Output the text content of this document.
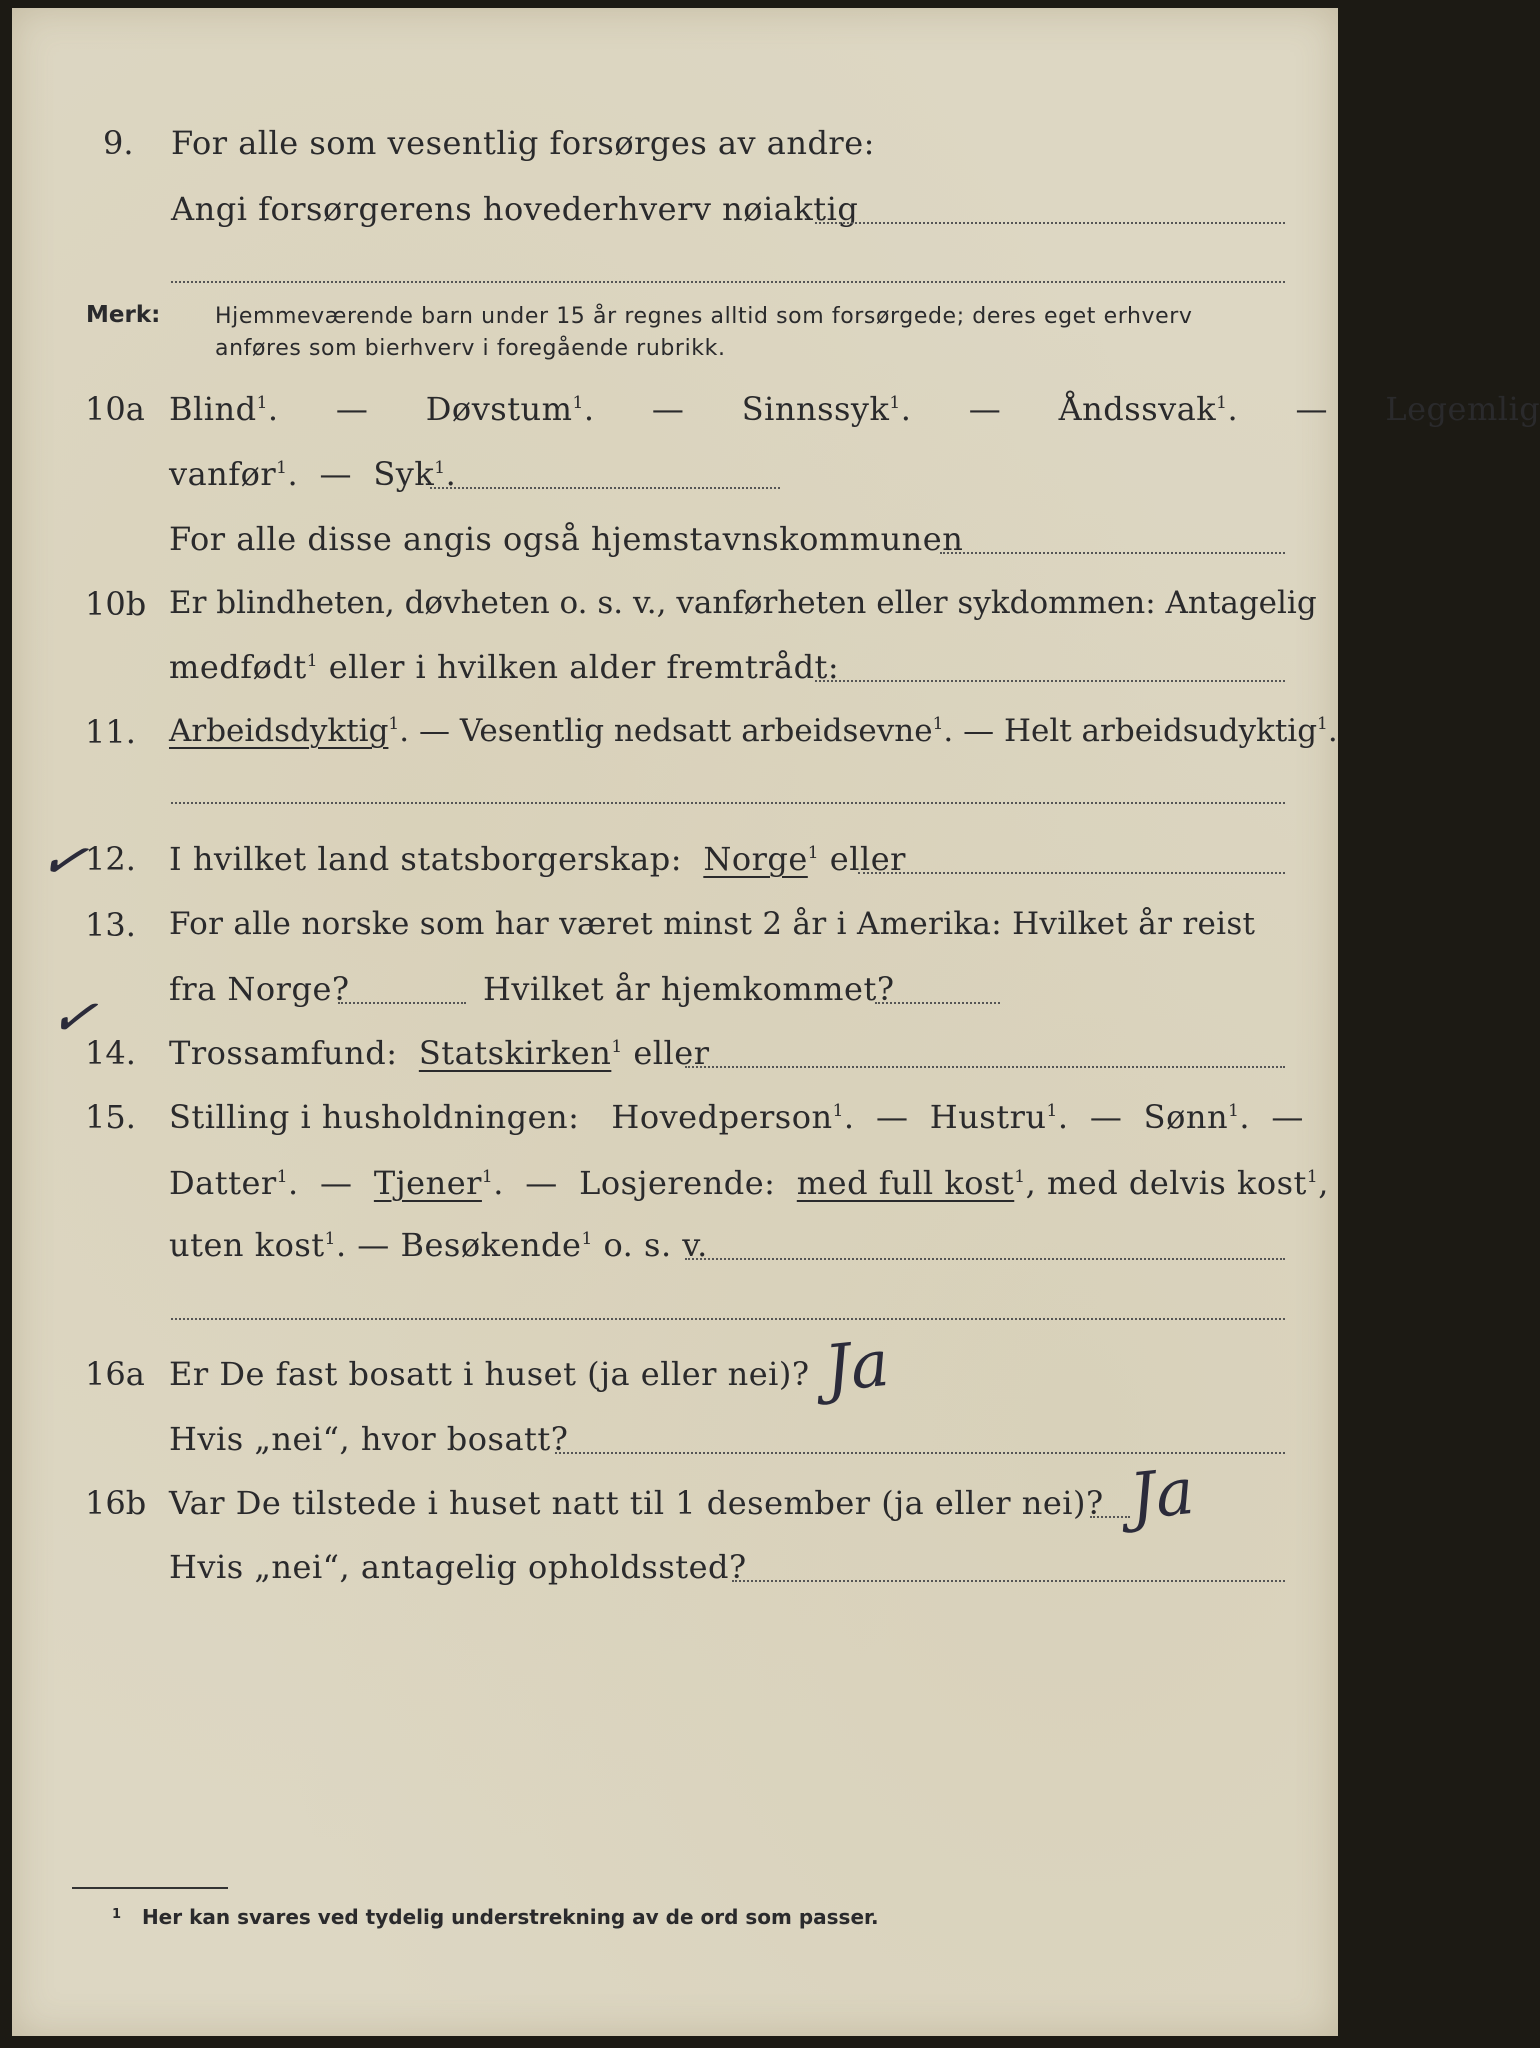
9. For alle som vesentlig forsørges av andre:
Angi forsørgerens hovederhverv nøiaktig
Merk: Hjemmeværende barn under 15 år regnes alltid som forsørgede; deres eget erhverv
anføres som bierhverv i foregående rubrikk.
10a Blind$^1$.  —  Døvstum$^1$.  —  Sinnssyk$^1$.  —  Åndssvak$^1$.  —  Legemlig
vanfør$^1$.  —  Syk$^1$.
For alle disse angis også hjemstavnskommunen
10b Er blindheten, døvheten o. s. v., vanførheten eller sykdommen: Antagelig
medfødt$^1$ eller i hvilken alder fremtrådt:
11. Arbeidsdyktig$^1$. — Vesentlig nedsatt arbeidsevne$^1$. — Helt arbeidsudyktig$^1$.
✓
12. I hvilket land statsborgerskap: Norge$^1$ eller
13. For alle norske som har været minst 2 år i Amerika: Hvilket år reist
fra Norge?	Hvilket år hjemkommet?
✓
14. Trossamfund: Statskirken$^1$ eller
15. Stilling i husholdningen: Hovedperson$^1$.  —  Hustru$^1$.  —  Sønn$^1$.  —
Datter$^1$.  —  Tjener$^1$.  —  Losjerende: med full kost$^1$, med delvis kost$^1$,
uten kost$^1$. — Besøkende$^1$ o. s. v.
16a Er De fast bosatt i huset (ja eller nei)? Ja
Hvis „nei“, hvor bosatt?
16b Var De tilstede i huset natt til 1 desember (ja eller nei)? Ja
Hvis „nei“, antagelig opholdssted?
$^1$ Her kan svares ved tydelig understrekning av de ord som passer.
